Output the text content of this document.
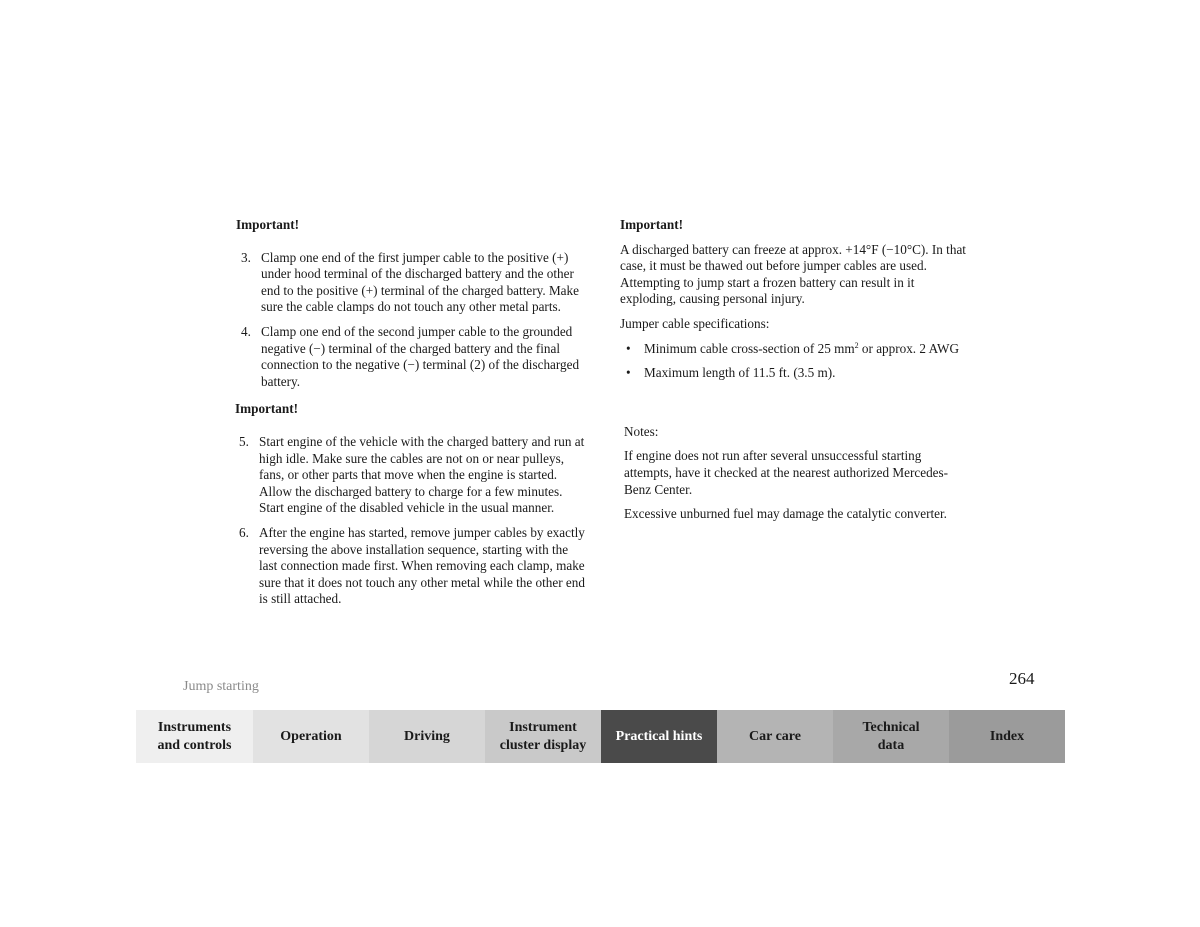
Important!

3. Clamp one end of the first jumper cable to the positive (+) under hood terminal of the discharged battery and the other end to the positive (+) terminal of the charged battery. Make sure the cable clamps do not touch any other metal parts.
4. Clamp one end of the second jumper cable to the grounded negative (−) terminal of the charged battery and the final connection to the negative (−) terminal (2) of the discharged battery.

Important!

5. Start engine of the vehicle with the charged battery and run at high idle. Make sure the cables are not on or near pulleys, fans, or other parts that move when the engine is started. Allow the discharged battery to charge for a few minutes. Start engine of the disabled vehicle in the usual manner.
6. After the engine has started, remove jumper cables by exactly reversing the above installation sequence, starting with the last connection made first. When removing each clamp, make sure that it does not touch any other metal while the other end is still attached.

Important!

A discharged battery can freeze at approx. +14°F (−10°C). In that case, it must be thawed out before jumper cables are used. Attempting to jump start a frozen battery can result in it exploding, causing personal injury.

Jumper cable specifications:

•	Minimum cable cross-section of 25 $mm^2$ or approx. 2 AWG
•	Maximum length of 11.5 ft. (3.5 m).

Notes:

If engine does not run after several unsuccessful starting attempts, have it checked at the nearest authorized Mercedes-Benz Center.

Excessive unburned fuel may damage the catalytic converter.

Jump starting	264
Instruments
and controls
Operation	Driving
Instrument
cluster display
Practical hints	Car care
Technical
data
Index
